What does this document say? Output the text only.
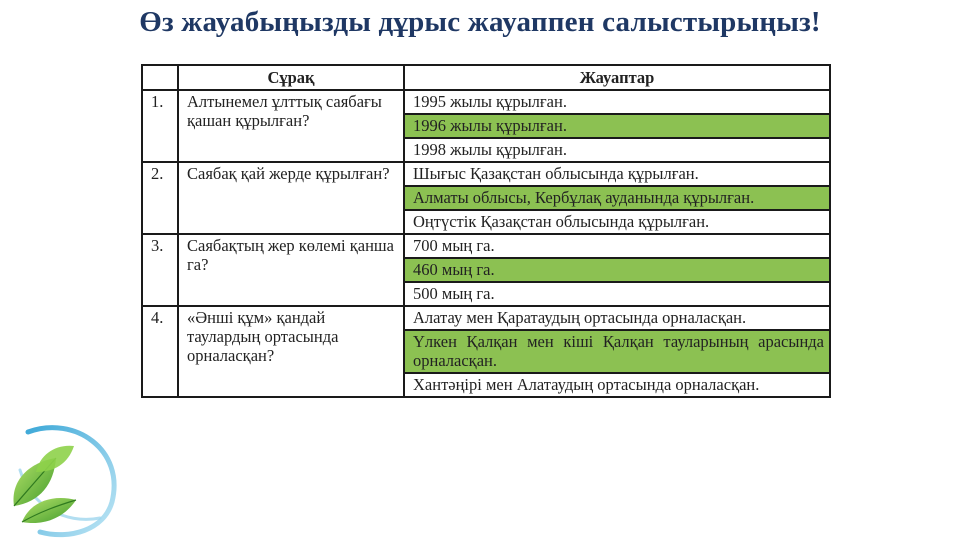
Өз жауабыңызды дұрыс жауаппен салыстырыңыз!
	Сұрақ	Жауаптар
1.	Алтынемел ұлттық саябағы қашан құрылған?	1995 жылы құрылған.
		1996 жылы құрылған.
		1998 жылы құрылған.
2.	Саябақ қай жерде құрылған?	Шығыс Қазақстан облысында құрылған.
		Алматы облысы, Кербұлақ ауданында құрылған.
		Оңтүстік Қазақстан облысында құрылған.
3.	Саябақтың жер көлемі қанша га?	700 мың га.
		460 мың га.
		500 мың га.
4.	«Әнші құм» қандай таулардың ортасында орналасқан?	Алатау мен Қаратаудың ортасында орналасқан.
		Үлкен Қалқан мен кіші Қалқан тауларының арасында орналасқан.
		Хантәңірі мен Алатаудың ортасында орналасқан.
